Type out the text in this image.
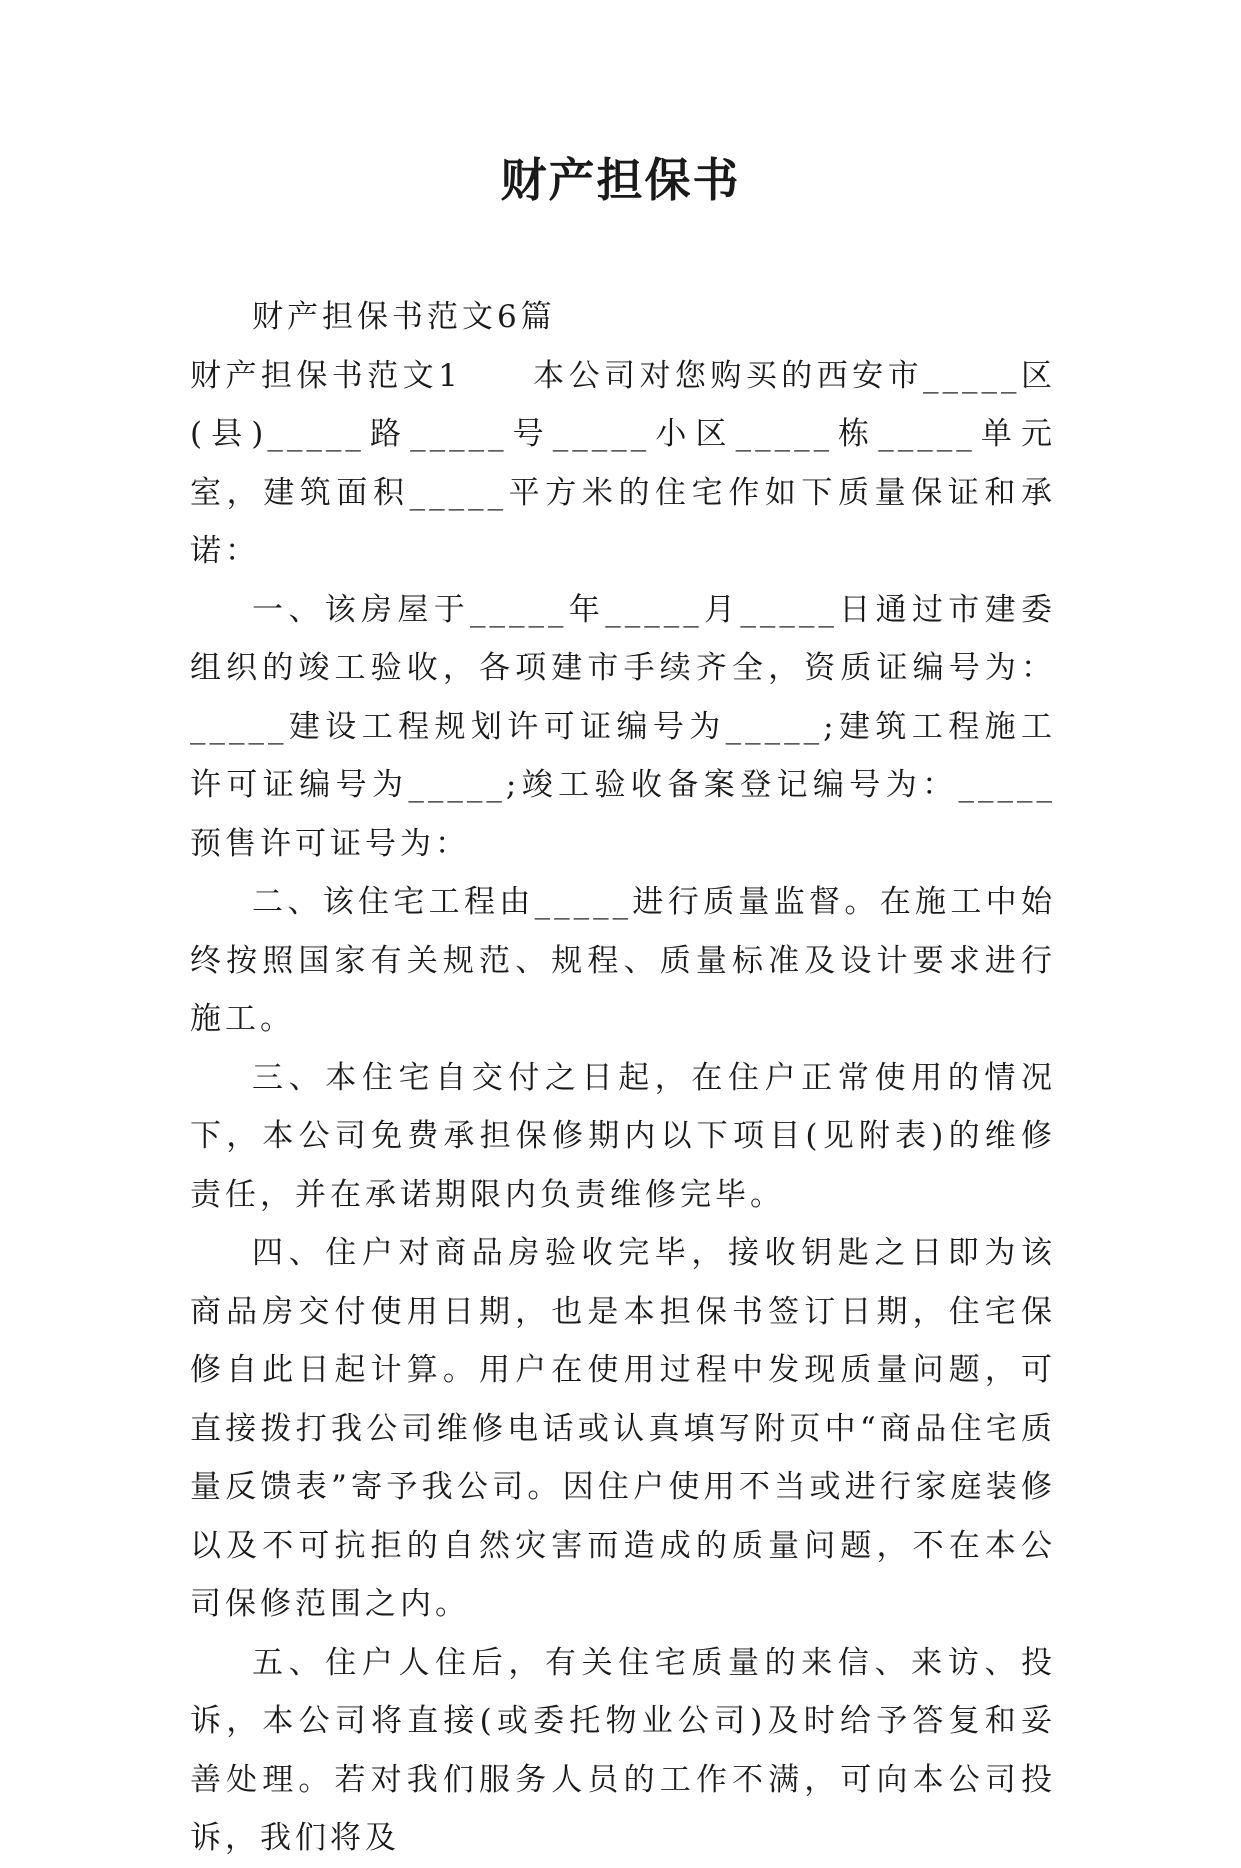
财产担保书

财产担保书范文6篇

财产担保书范文1　　本公司对您购买的西安市_____区(县)_____路_____号_____小区_____栋_____单元室，建筑面积_____平方米的住宅作如下质量保证和承诺：

一、该房屋于_____年_____月_____日通过市建委组织的竣工验收，各项建市手续齐全，资质证编号为：_____建设工程规划许可证编号为_____;建筑工程施工许可证编号为_____;竣工验收备案登记编号为：_____预售许可证号为：

二、该住宅工程由_____进行质量监督。在施工中始终按照国家有关规范、规程、质量标准及设计要求进行施工。

三、本住宅自交付之日起，在住户正常使用的情况下，本公司免费承担保修期内以下项目(见附表)的维修责任，并在承诺期限内负责维修完毕。

四、住户对商品房验收完毕，接收钥匙之日即为该商品房交付使用日期，也是本担保书签订日期，住宅保修自此日起计算。用户在使用过程中发现质量问题，可直接拨打我公司维修电话或认真填写附页中“商品住宅质量反馈表”寄予我公司。因住户使用不当或进行家庭装修以及不可抗拒的自然灾害而造成的质量问题，不在本公司保修范围之内。

五、住户人住后，有关住宅质量的来信、来访、投诉，本公司将直接(或委托物业公司)及时给予答复和妥善处理。若对我们服务人员的工作不满，可向本公司投诉，我们将及
